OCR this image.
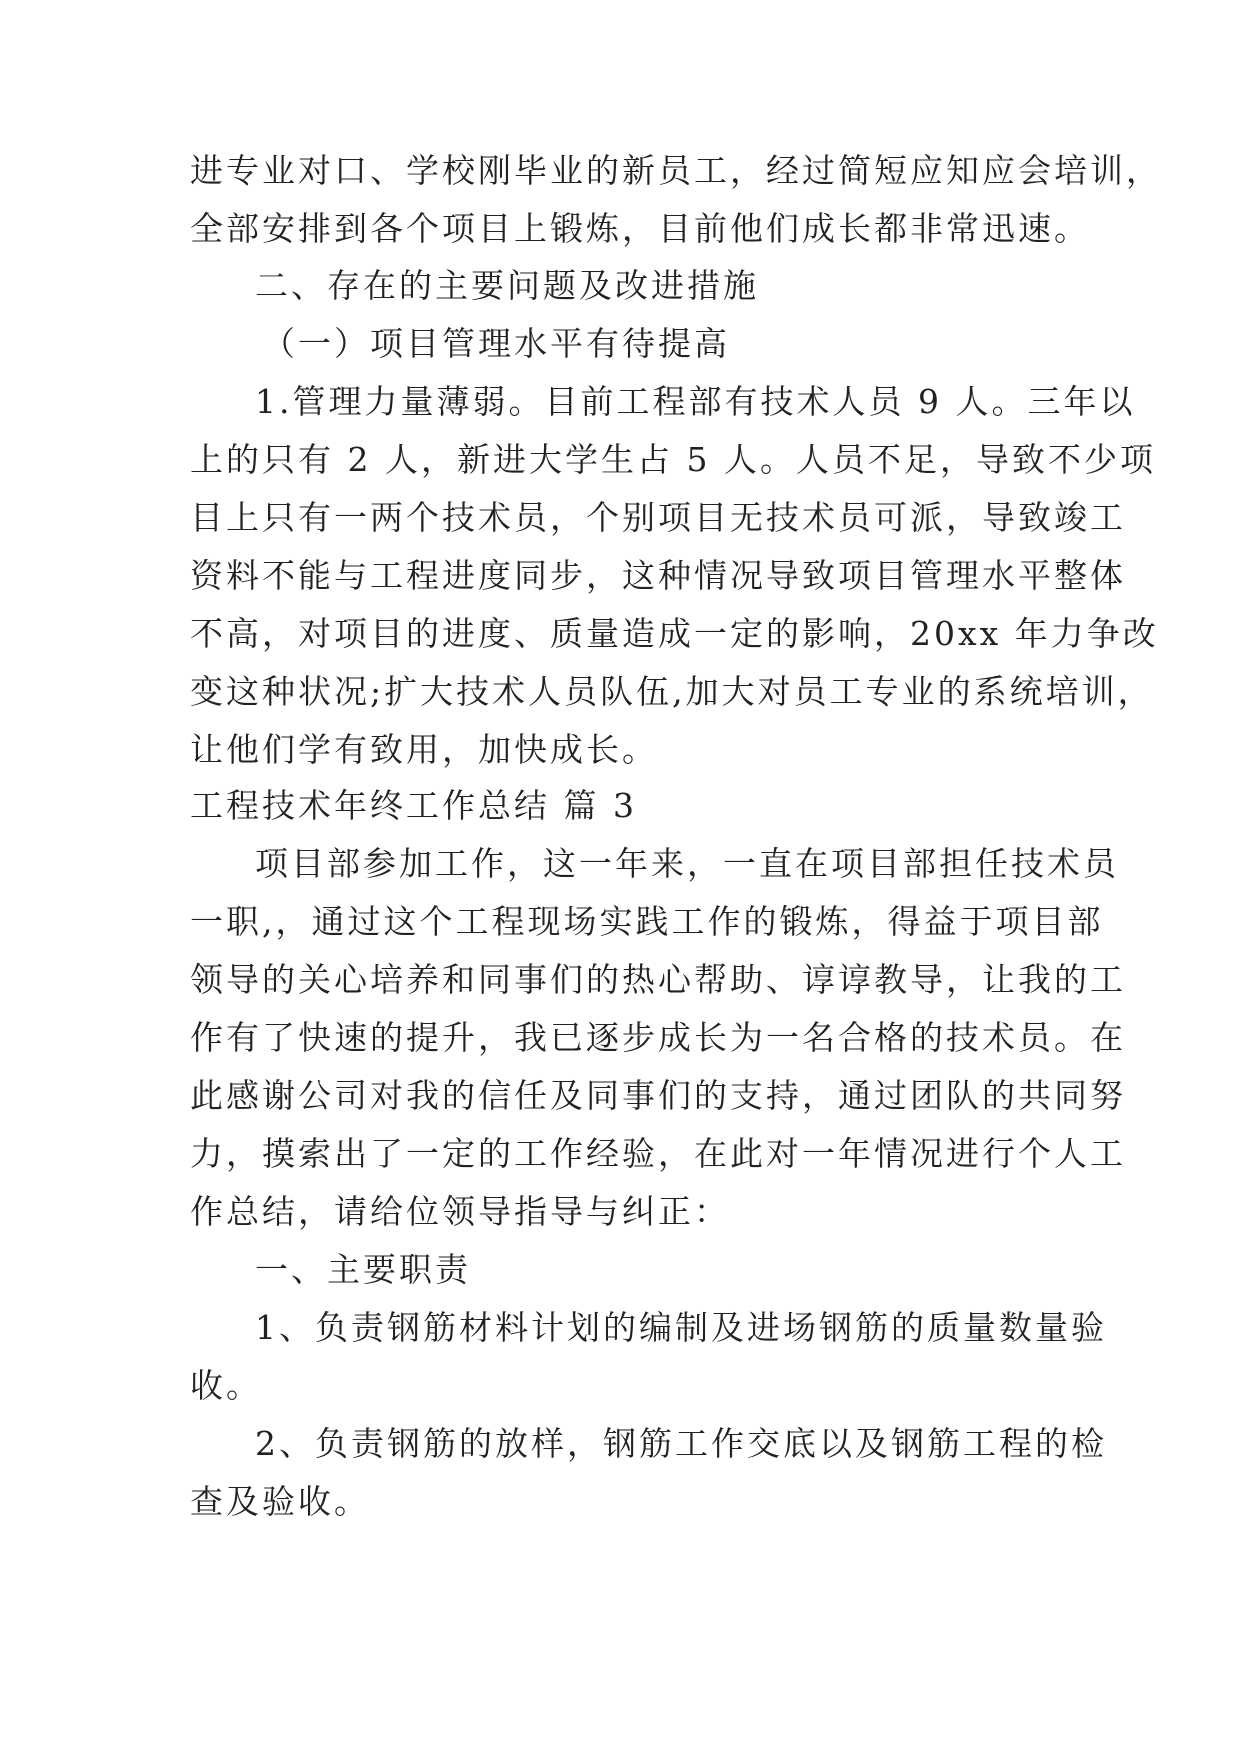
进专业对口、学校刚毕业的新员工，经过简短应知应会培训，
全部安排到各个项目上锻炼，目前他们成长都非常迅速。
二、存在的主要问题及改进措施
（一）项目管理水平有待提高
1.管理力量薄弱。目前工程部有技术人员 9 人。三年以
上的只有 2 人，新进大学生占 5 人。人员不足，导致不少项
目上只有一两个技术员，个别项目无技术员可派，导致竣工
资料不能与工程进度同步，这种情况导致项目管理水平整体
不高，对项目的进度、质量造成一定的影响，20xx 年力争改
变这种状况;扩大技术人员队伍,加大对员工专业的系统培训，
让他们学有致用，加快成长。
工程技术年终工作总结 篇 3
项目部参加工作，这一年来，一直在项目部担任技术员
一职,，通过这个工程现场实践工作的锻炼，得益于项目部
领导的关心培养和同事们的热心帮助、谆谆教导，让我的工
作有了快速的提升，我已逐步成长为一名合格的技术员。在
此感谢公司对我的信任及同事们的支持，通过团队的共同努
力，摸索出了一定的工作经验，在此对一年情况进行个人工
作总结，请给位领导指导与纠正：
一、主要职责
1、负责钢筋材料计划的编制及进场钢筋的质量数量验
收。
2、负责钢筋的放样，钢筋工作交底以及钢筋工程的检
查及验收。
